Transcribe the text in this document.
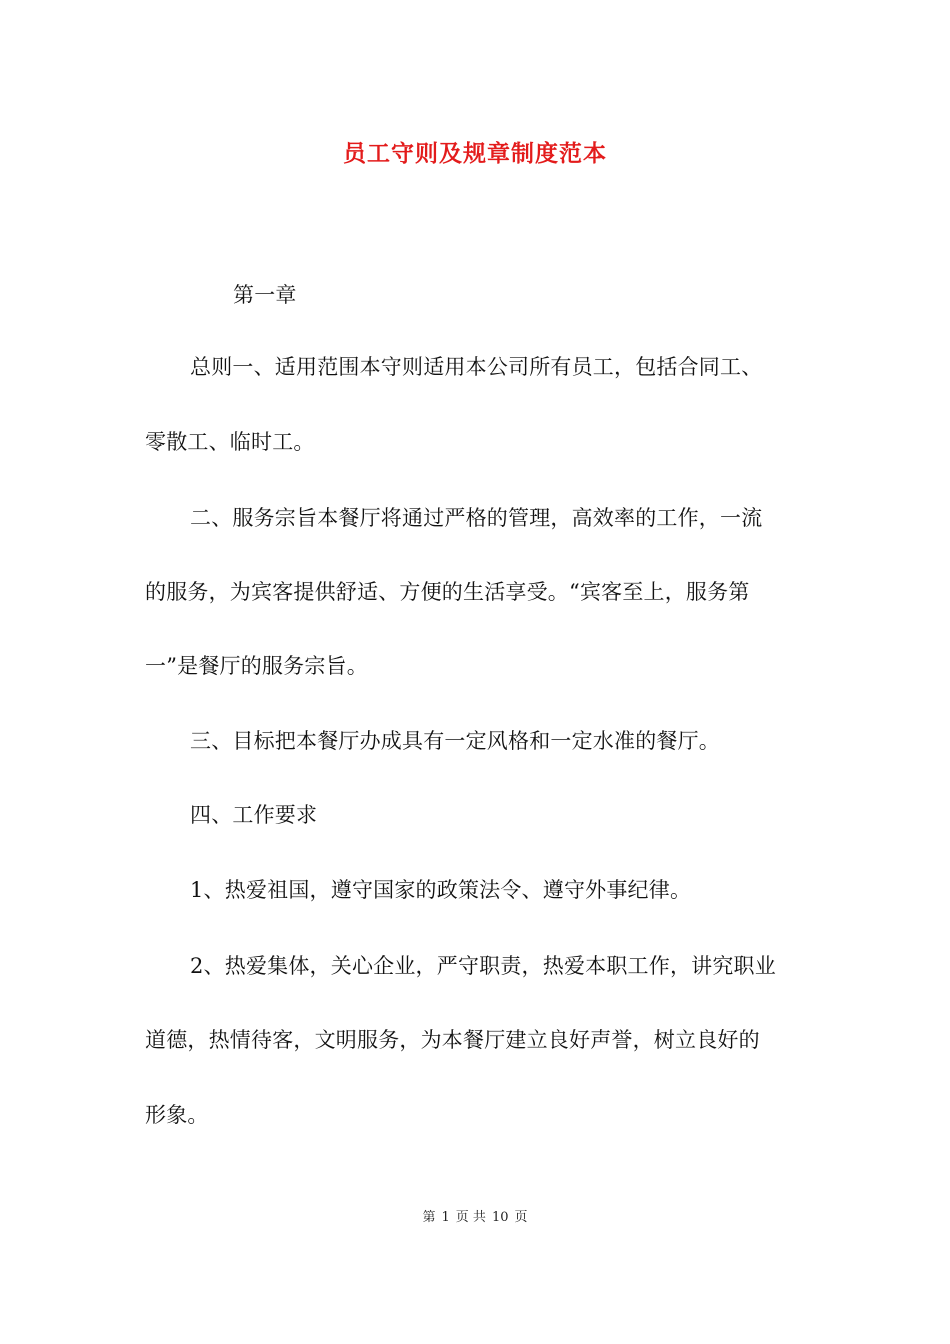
员工守则及规章制度范本
第一章
总则一、适用范围本守则适用本公司所有员工，包括合同工、
零散工、临时工。
二、服务宗旨本餐厅将通过严格的管理，高效率的工作，一流
的服务，为宾客提供舒适、方便的生活享受。“宾客至上，服务第
一”是餐厅的服务宗旨。
三、目标把本餐厅办成具有一定风格和一定水准的餐厅。
四、工作要求
1、热爱祖国，遵守国家的政策法令、遵守外事纪律。
2、热爱集体，关心企业，严守职责，热爱本职工作，讲究职业
道德，热情待客，文明服务，为本餐厅建立良好声誉，树立良好的
形象。
第 1 页 共 10 页
